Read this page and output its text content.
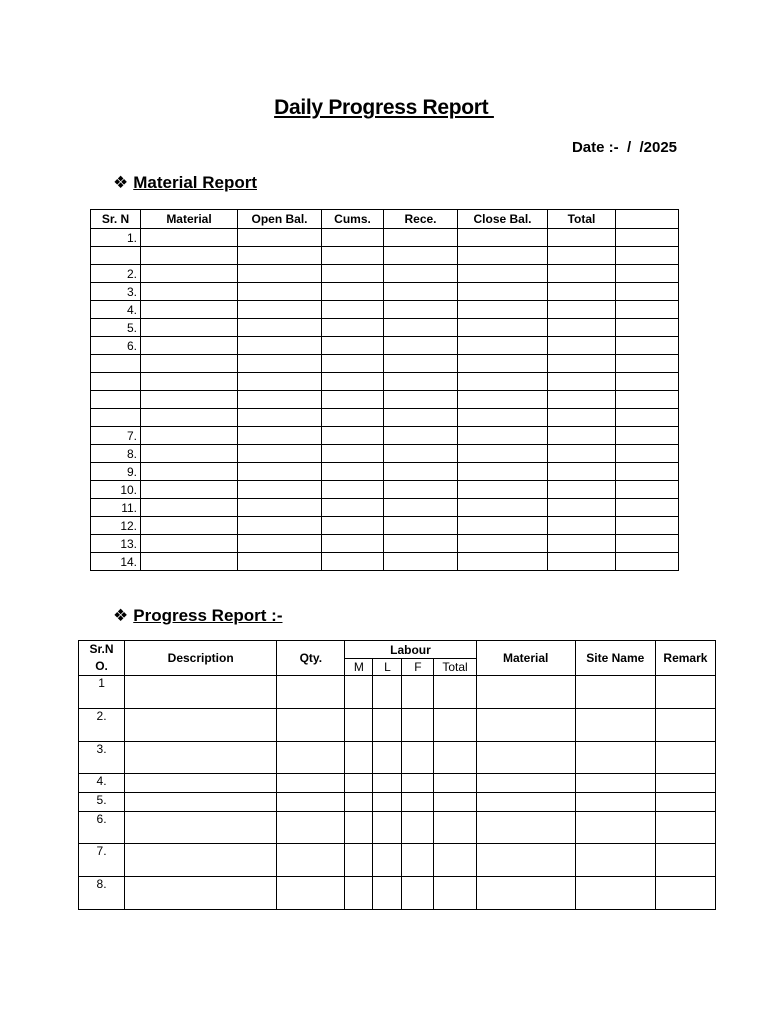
Daily Progress Report
Date :-  /  /2025
❖ Material Report
Sr. N	Material	Open Bal.	Cums.	Rece.	Close Bal.	Total	
1.							

2.							
3.							
4.							
5.							
6.							

7.							
8.							
9.							
10.							
11.							
12.							
13.							
14.							
❖ Progress Report :-
Sr.N O.	Description	Qty.	Labour				Material	Site Name	Remark
			M	L	F	Total			
1									
2.									
3.									
4.									
5.									
6.									
7.									
8.									
